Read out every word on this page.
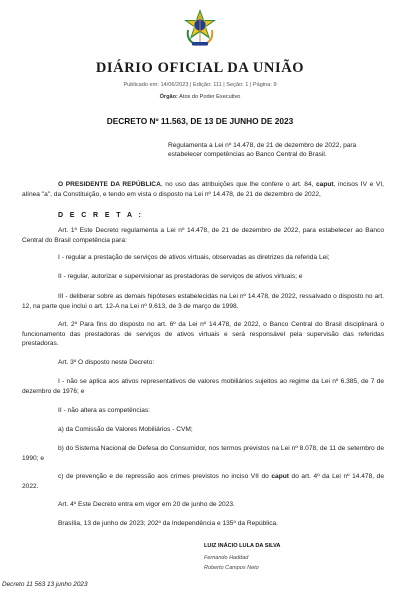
DIÁRIO OFICIAL DA UNIÃO
Publicado em: 14/06/2023 | Edição: 111 | Seção: 1 | Página: 9
Órgão: Atos do Poder Executivo
DECRETO Nº 11.563, DE 13 DE JUNHO DE 2023
Regulamenta a Lei nº 14.478, de 21 de dezembro de 2022, para estabelecer competências ao Banco Central do Brasil.
O PRESIDENTE DA REPÚBLICA, no uso das atribuições que lhe confere o art. 84, caput, incisos IV e VI, alínea "a", da Constituição, e tendo em vista o disposto na Lei nº 14.478, de 21 de dezembro de 2022,
D E C R E T A :
Art. 1º Este Decreto regulamenta a Lei nº 14.478, de 21 de dezembro de 2022, para estabelecer ao Banco Central do Brasil competência para:
I - regular a prestação de serviços de ativos virtuais, observadas as diretrizes da referida Lei;
II - regular, autorizar e supervisionar as prestadoras de serviços de ativos virtuais; e
III - deliberar sobre as demais hipóteses estabelecidas na Lei nº 14.478, de 2022, ressalvado o disposto no art. 12, na parte que inclui o art. 12-A na Lei nº 9.613, de 3 de março de 1998.
Art. 2º Para fins do disposto no art. 6º da Lei nº 14.478, de 2022, o Banco Central do Brasil disciplinará o funcionamento das prestadoras de serviços de ativos virtuais e será responsável pela supervisão das referidas prestadoras.
Art. 3º O disposto neste Decreto:
I - não se aplica aos ativos representativos de valores mobiliários sujeitos ao regime da Lei nº 6.385, de 7 de dezembro de 1976; e
II - não altera as competências:
a) da Comissão de Valores Mobiliários - CVM;
b) do Sistema Nacional de Defesa do Consumidor, nos termos previstos na Lei nº 8.078, de 11 de setembro de 1990; e
c) de prevenção e de repressão aos crimes previstos no inciso VII do caput do art. 4º da Lei nº 14.478, de 2022.
Art. 4º Este Decreto entra em vigor em 20 de junho de 2023.
Brasília, 13 de junho de 2023; 202º da Independência e 135º da República.
LUIZ INÁCIO LULA DA SILVA
Fernando Haddad
Roberto Campos Neto
Decreto 11 563 13 junho 2023
